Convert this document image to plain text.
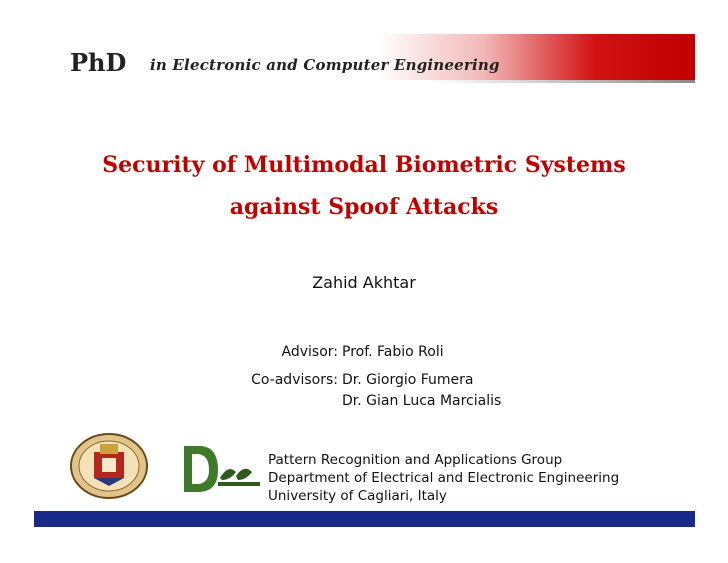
PhD in Electronic and Computer Engineering
Security of Multimodal Biometric Systems
against Spoof Attacks
Zahid Akhtar
Advisor: Prof. Fabio Roli
Co-advisors: Dr. Giorgio Fumera
Dr. Gian Luca Marcialis
Pattern Recognition and Applications Group
Department of Electrical and Electronic Engineering
University of Cagliari, Italy
